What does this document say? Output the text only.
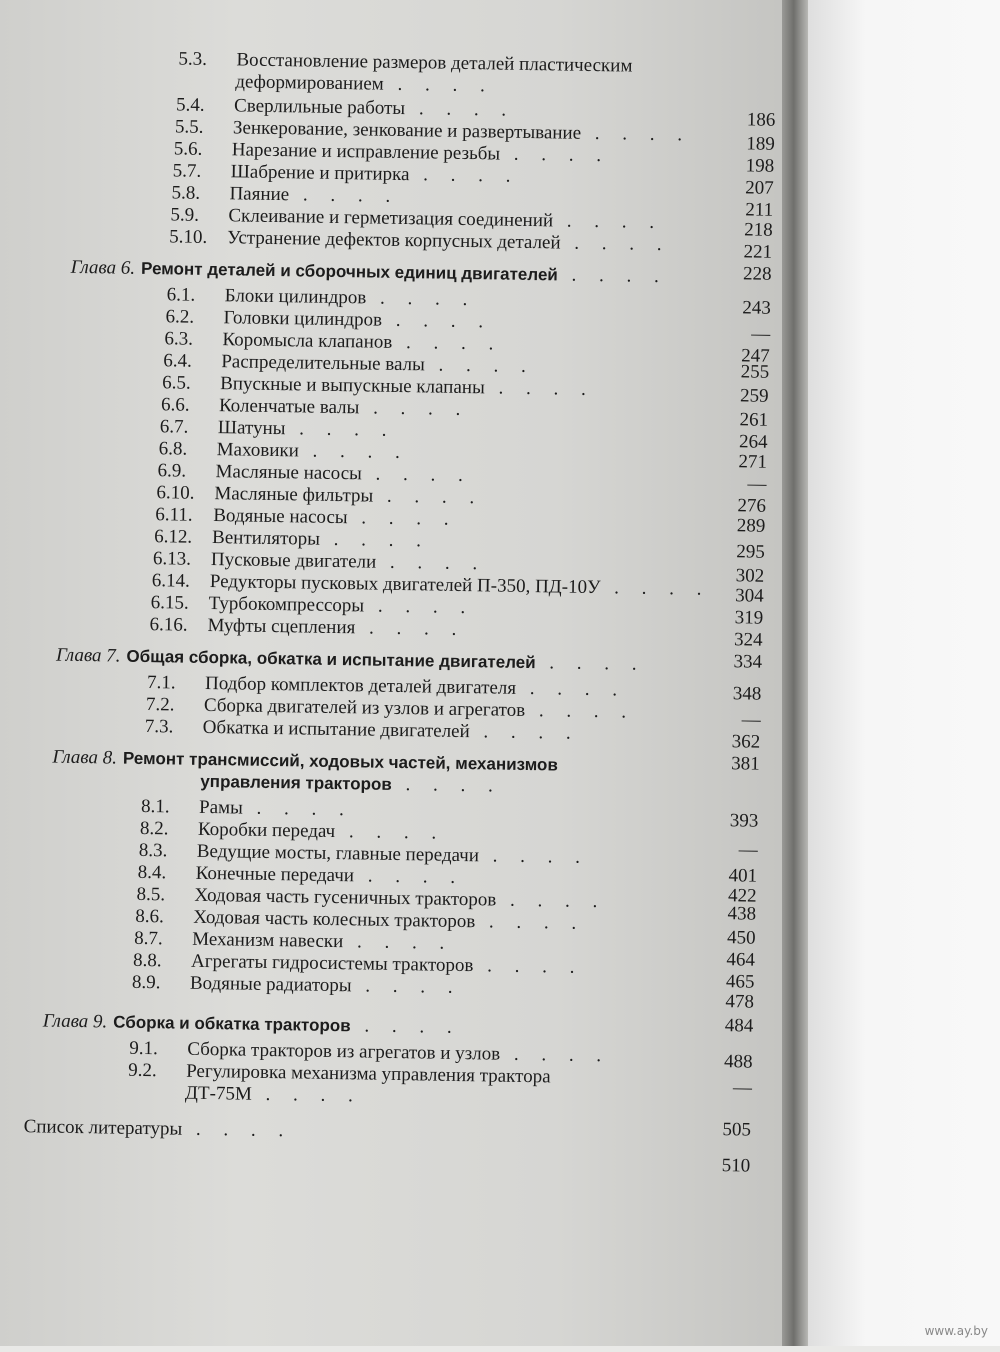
5.3. Восстановление размеров деталей пластическим
деформированием . . . .
186
5.4. Сверлильные работы . . . .
189
5.5. Зенкерование, зенкование и развертывание . . . .
198
5.6. Нарезание и исправление резьбы . . . .
207
5.7. Шабрение и притирка . . . .
211
5.8. Паяние . . . .
218
5.9. Склеивание и герметизация соединений . . . .
221
5.10. Устранение дефектов корпусных деталей . . . .
228
Глава 6. Ремонт деталей и сборочных единиц двигателей . . . .
243
6.1. Блоки цилиндров . . . .
—
6.2. Головки цилиндров . . . .
247
6.3. Коромысла клапанов . . . .
255
6.4. Распределительные валы . . . .
259
6.5. Впускные и выпускные клапаны . . . .
261
6.6. Коленчатые валы . . . .
264
6.7. Шатуны . . . .
271
6.8. Маховики . . . .
—
6.9. Масляные насосы . . . .
276
6.10. Масляные фильтры . . . .
289
6.11. Водяные насосы . . . .
295
6.12. Вентиляторы . . . .
302
6.13. Пусковые двигатели . . . .
304
6.14. Редукторы пусковых двигателей П-350, ПД-10У . . . .
319
6.15. Турбокомпрессоры . . . .
324
6.16. Муфты сцепления . . . .
334
Глава 7. Общая сборка, обкатка и испытание двигателей . . . .
348
7.1. Подбор комплектов деталей двигателя . . . .
—
7.2. Сборка двигателей из узлов и агрегатов . . . .
362
7.3. Обкатка и испытание двигателей . . . .
381
Глава 8. Ремонт трансмиссий, ходовых частей, механизмов
управления тракторов . . . .
393
8.1. Рамы . . . .
—
8.2. Коробки передач . . . .
401
8.3. Ведущие мосты, главные передачи . . . .
422
8.4. Конечные передачи . . . .
438
8.5. Ходовая часть гусеничных тракторов . . . .
450
8.6. Ходовая часть колесных тракторов . . . .
464
8.7. Механизм навески . . . .
465
8.8. Агрегаты гидросистемы тракторов . . . .
478
8.9. Водяные радиаторы . . . .
484
Глава 9. Сборка и обкатка тракторов . . . .
488
9.1. Сборка тракторов из агрегатов и узлов . . . .
—
9.2. Регулировка механизма управления трактора
ДТ-75М . . . .
505
Список литературы . . . .
510
www.ay.by
